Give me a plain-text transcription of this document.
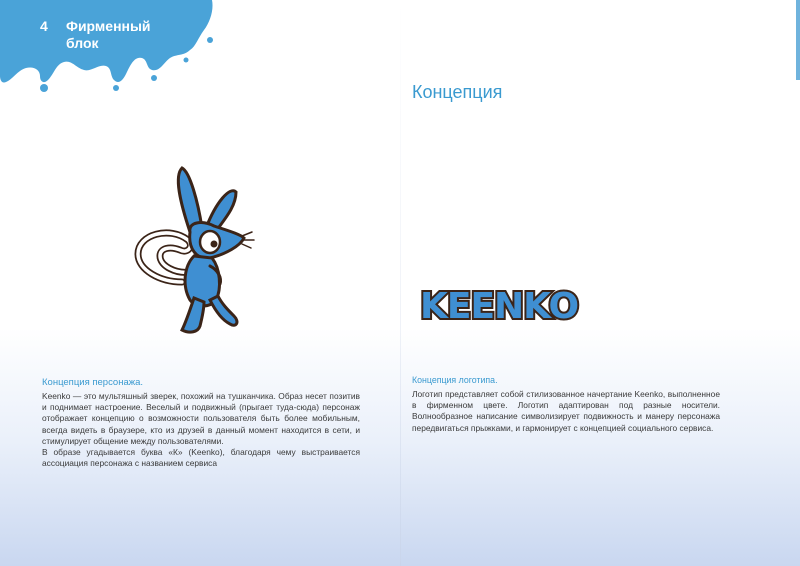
4 Фирменный блок
Концепция
KEENKO
Концепция персонажа.

Keenko — это мультяшный зверек, похожий на тушканчика. Образ несет позитив и поднимает настроение. Веселый и подвижный (прыгает туда-сюда) персонаж отображает концепцию о возможности пользователя быть более мобильным, всегда видеть в браузере, кто из друзей в данный момент находится в сети, и стимулирует общение между пользователями.

В образе угадывается буква «К» (Keenko), благодаря чему выстраивается ассоциация персонажа с названием сервиса

Концепция логотипа.

Логотип представляет собой стилизованное начертание Keenko, выполненное в фирменном цвете. Логотип адаптирован под разные носители. Волнообразное написание символизирует подвижность и манеру персонажа передвигаться прыжками, и гармонирует с концепцией социального сервиса.
